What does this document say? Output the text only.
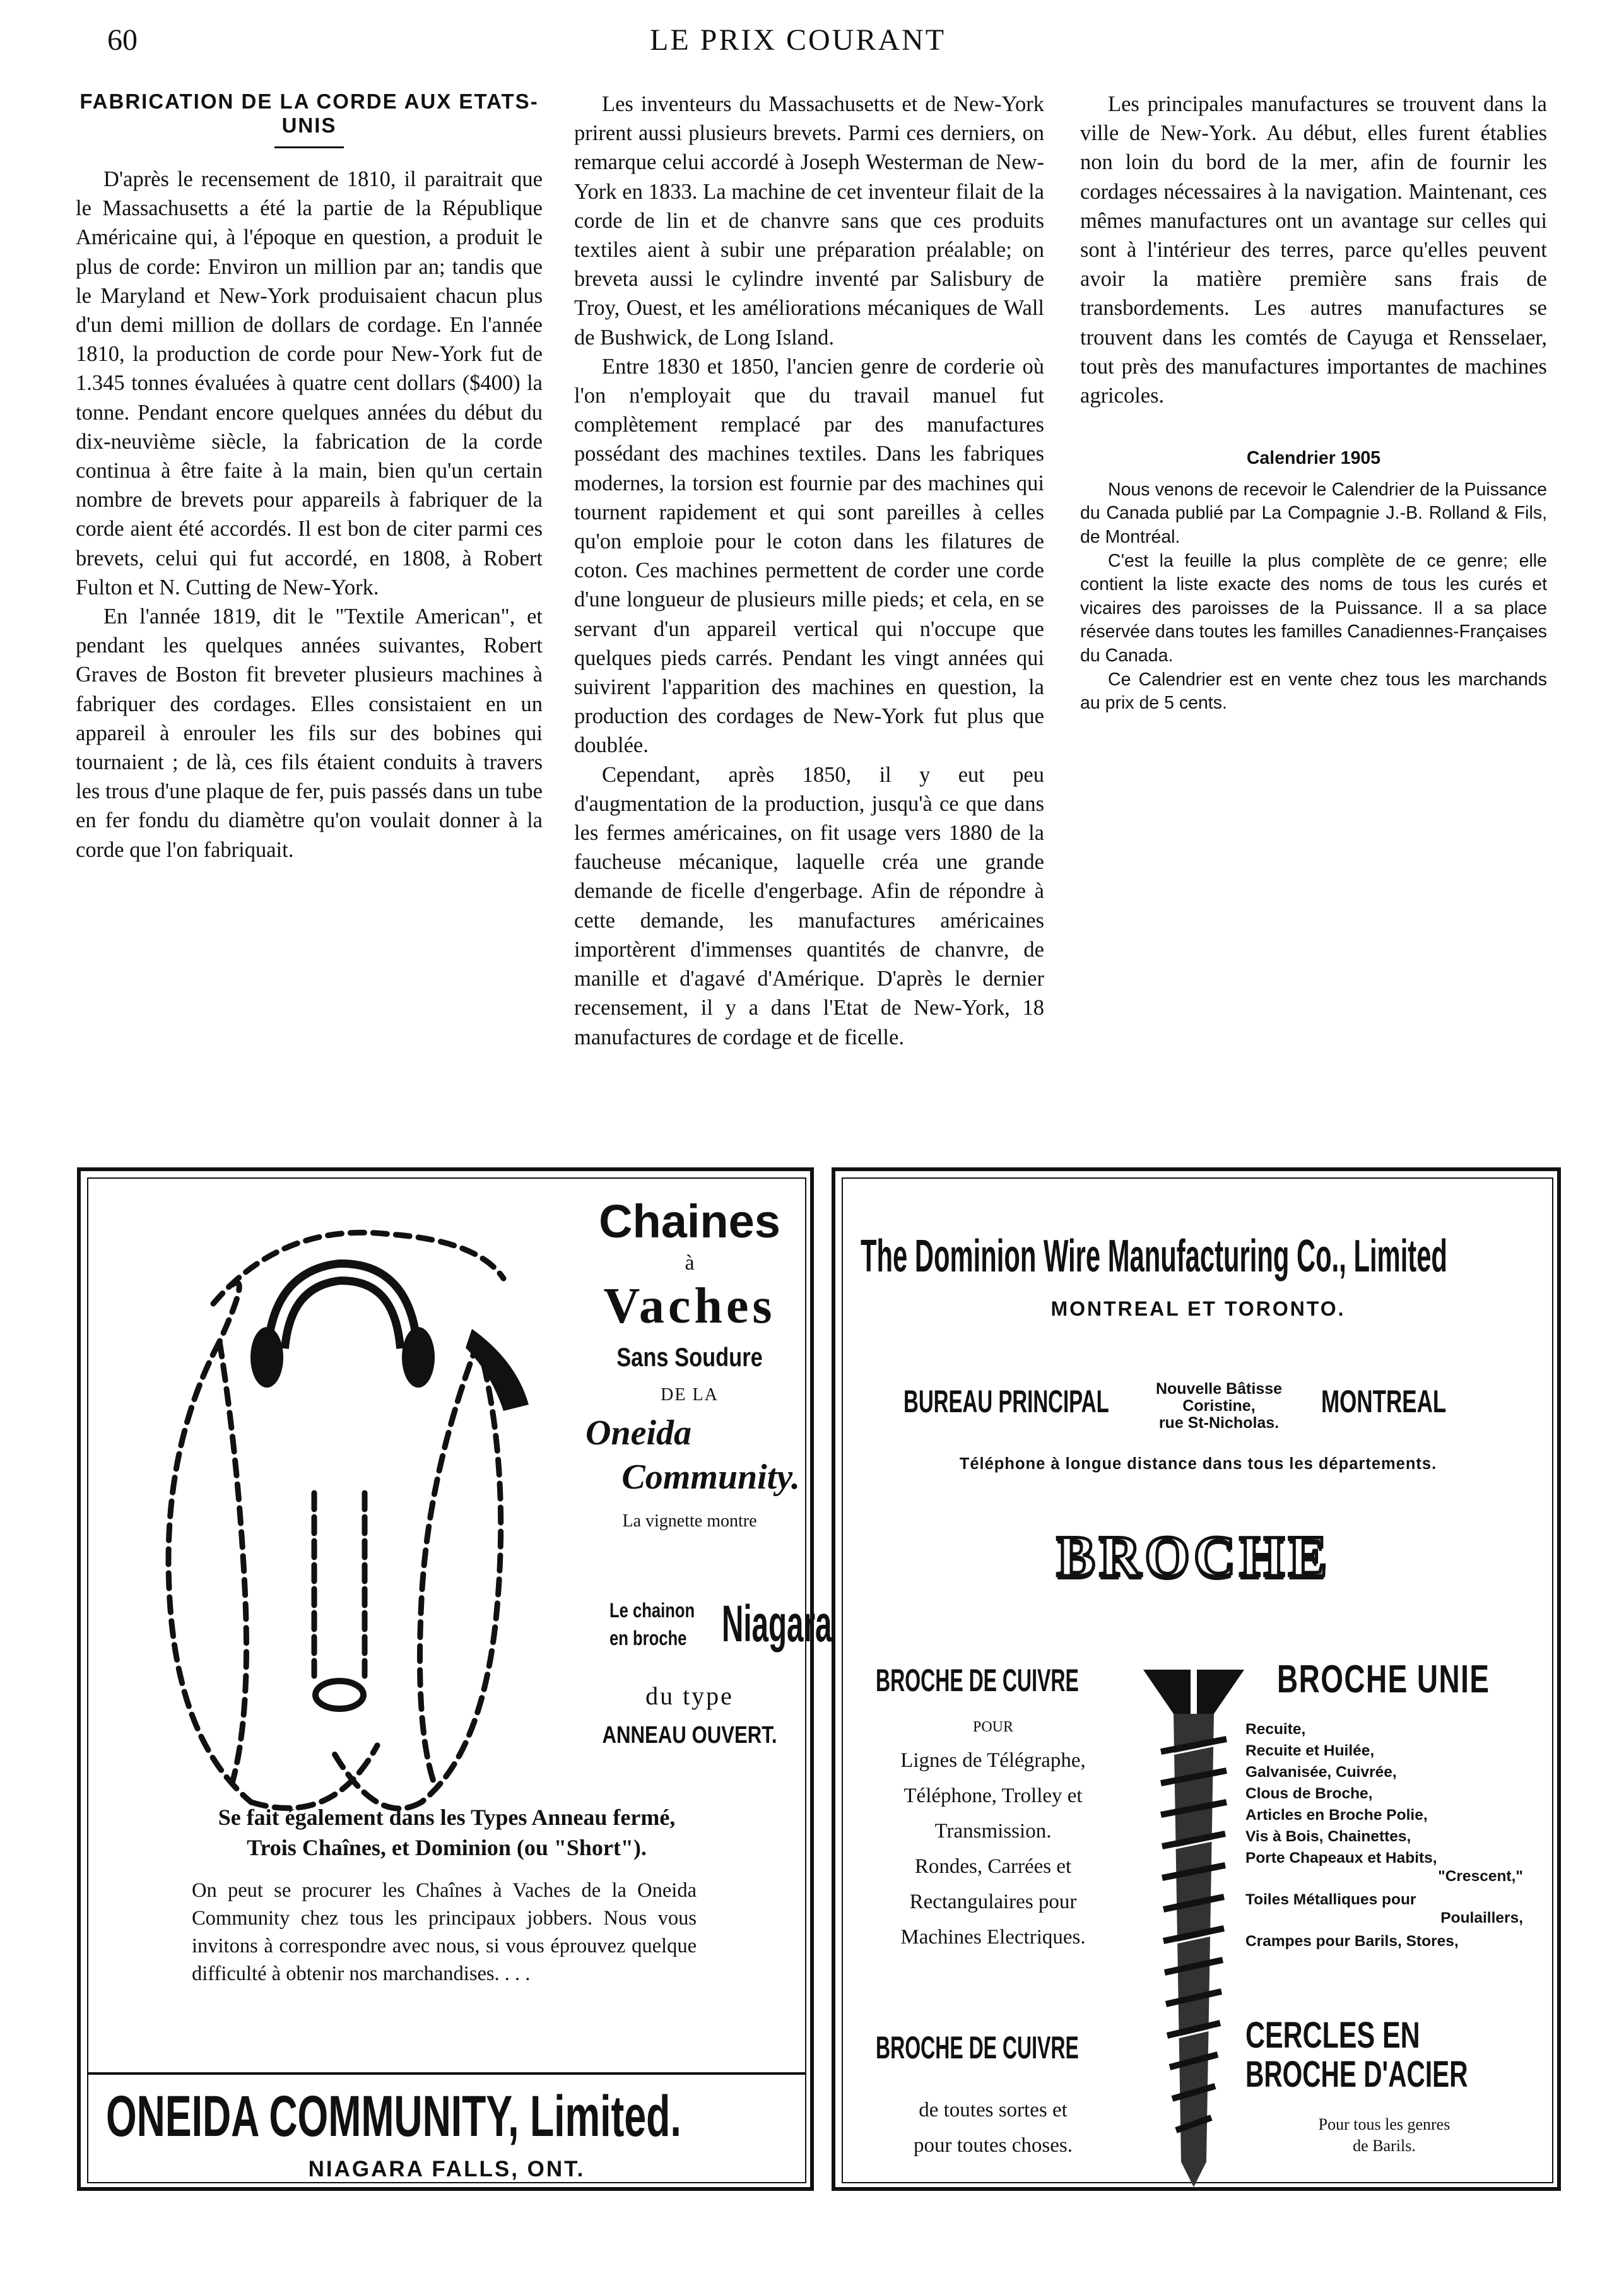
60	LE PRIX COURANT

FABRICATION DE LA CORDE AUX ETATS-UNIS

D'après le recensement de 1810, il paraitrait que le Massachusetts a été la partie de la République Américaine qui, à l'époque en question, a produit le plus de corde: Environ un million par an; tandis que le Maryland et New-York produisaient chacun plus d'un demi million de dollars de cordage. En l'année 1810, la production de corde pour New-York fut de 1.345 tonnes évaluées à quatre cent dollars ($400) la tonne. Pendant encore quelques années du début du dix-neuvième siècle, la fabrication de la corde continua à être faite à la main, bien qu'un certain nombre de brevets pour appareils à fabriquer de la corde aient été accordés. Il est bon de citer parmi ces brevets, celui qui fut accordé, en 1808, à Robert Fulton et N. Cutting de New-York.

En l'année 1819, dit le "Textile American", et pendant les quelques années suivantes, Robert Graves de Boston fit breveter plusieurs machines à fabriquer des cordages. Elles consistaient en un appareil à enrouler les fils sur des bobines qui tournaient ; de là, ces fils étaient conduits à travers les trous d'une plaque de fer, puis passés dans un tube en fer fondu du diamètre qu'on voulait donner à la corde que l'on fabriquait.

Les inventeurs du Massachusetts et de New-York prirent aussi plusieurs brevets. Parmi ces derniers, on remarque celui accordé à Joseph Westerman de New-York en 1833. La machine de cet inventeur filait de la corde de lin et de chanvre sans que ces produits textiles aient à subir une préparation préalable; on breveta aussi le cylindre inventé par Salisbury de Troy, Ouest, et les améliorations mécaniques de Wall de Bushwick, de Long Island.

Entre 1830 et 1850, l'ancien genre de corderie où l'on n'employait que du travail manuel fut complètement remplacé par des manufactures possédant des machines textiles. Dans les fabriques modernes, la torsion est fournie par des machines qui tournent rapidement et qui sont pareilles à celles qu'on emploie pour le coton dans les filatures de coton. Ces machines permettent de corder une corde d'une longueur de plusieurs mille pieds; et cela, en se servant d'un appareil vertical qui n'occupe que quelques pieds carrés. Pendant les vingt années qui suivirent l'apparition des machines en question, la production des cordages de New-York fut plus que doublée.

Cependant, après 1850, il y eut peu d'augmentation de la production, jusqu'à ce que dans les fermes américaines, on fit usage vers 1880 de la faucheuse mécanique, laquelle créa une grande demande de ficelle d'engerbage. Afin de répondre à cette demande, les manufactures américaines importèrent d'immenses quantités de chanvre, de manille et d'agavé d'Amérique. D'après le dernier recensement, il y a dans l'Etat de New-York, 18 manufactures de cordage et de ficelle.

Les principales manufactures se trouvent dans la ville de New-York. Au début, elles furent établies non loin du bord de la mer, afin de fournir les cordages nécessaires à la navigation. Maintenant, ces mêmes manufactures ont un avantage sur celles qui sont à l'intérieur des terres, parce qu'elles peuvent avoir la matière première sans frais de transbordements. Les autres manufactures se trouvent dans les comtés de Cayuga et Rensselaer, tout près des manufactures importantes de machines agricoles.

Calendrier 1905

Nous venons de recevoir le Calendrier de la Puissance du Canada publié par La Compagnie J.-B. Rolland & Fils, de Montréal.

C'est la feuille la plus complète de ce genre; elle contient la liste exacte des noms de tous les curés et vicaires des paroisses de la Puissance. Il a sa place réservée dans toutes les familles Canadiennes-Françaises du Canada.

Ce Calendrier est en vente chez tous les marchands au prix de 5 cents.

Chaines
à
Vaches
Sans Soudure
DE LA
Oneida
Community.
La vignette montre
Le chainon
en broche Niagara
du type
ANNEAU OUVERT.
Se fait également dans les Types Anneau fermé,
Trois Chaînes, et Dominion (ou "Short").
On peut se procurer les Chaînes à Vaches de la Oneida Community chez tous les principaux jobbers. Nous vous invitons à correspondre avec nous, si vous éprouvez quelque difficulté à obtenir nos marchandises. . . .
ONEIDA COMMUNITY, Limited.
NIAGARA FALLS, ONT.
The Dominion Wire Manufacturing Co., Limited
MONTREAL ET TORONTO.
BUREAU PRINCIPAL	Nouvelle Bâtisse Coristine,
rue St-Nicholas.
MONTREAL
Téléphone à longue distance dans tous les départements.
BROCHE
BROCHE DE CUIVRE
POUR
Lignes de Télégraphe,
Téléphone, Trolley et
Transmission.
Rondes, Carrées et
Rectangulaires pour
Machines Electriques.
BROCHE DE CUIVRE
de toutes sortes et
pour toutes choses.
BROCHE UNIE
Recuite,
Recuite et Huilée,
Galvanisée, Cuivrée,
Clous de Broche,
Articles en Broche Polie,
Vis à Bois, Chainettes,
Porte Chapeaux et Habits,
"Crescent,"
Toiles Métalliques pour
Poulaillers,
Crampes pour Barils, Stores,
CERCLES EN
BROCHE D'ACIER
Pour tous les genres
de Barils.
